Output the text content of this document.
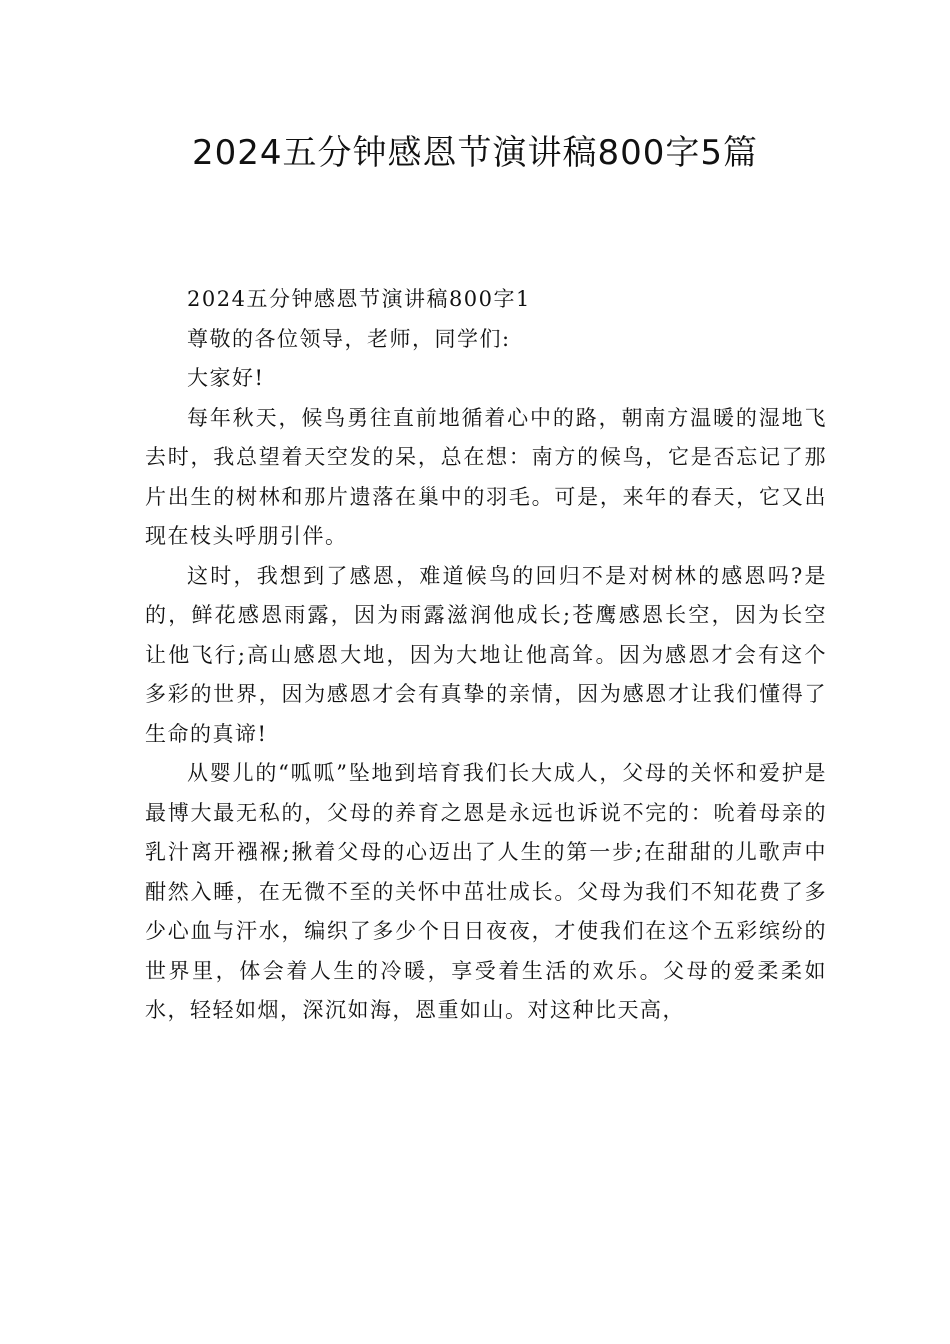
2024五分钟感恩节演讲稿800字5篇

2024五分钟感恩节演讲稿800字1

尊敬的各位领导，老师，同学们:

大家好!

每年秋天，候鸟勇往直前地循着心中的路，朝南方温暖的湿地飞去时，我总望着天空发的呆，总在想：南方的候鸟，它是否忘记了那片出生的树林和那片遗落在巢中的羽毛。可是，来年的春天，它又出现在枝头呼朋引伴。

这时，我想到了感恩，难道候鸟的回归不是对树林的感恩吗?是的，鲜花感恩雨露，因为雨露滋润他成长;苍鹰感恩长空，因为长空让他飞行;高山感恩大地，因为大地让他高耸。因为感恩才会有这个多彩的世界，因为感恩才会有真挚的亲情，因为感恩才让我们懂得了生命的真谛!

从婴儿的“呱呱”坠地到培育我们长大成人，父母的关怀和爱护是最博大最无私的，父母的养育之恩是永远也诉说不完的：吮着母亲的乳汁离开襁褓;揪着父母的心迈出了人生的第一步;在甜甜的儿歌声中酣然入睡，在无微不至的关怀中茁壮成长。父母为我们不知花费了多少心血与汗水，编织了多少个日日夜夜，才使我们在这个五彩缤纷的世界里，体会着人生的冷暖，享受着生活的欢乐。父母的爱柔柔如水，轻轻如烟，深沉如海，恩重如山。对这种比天高，
